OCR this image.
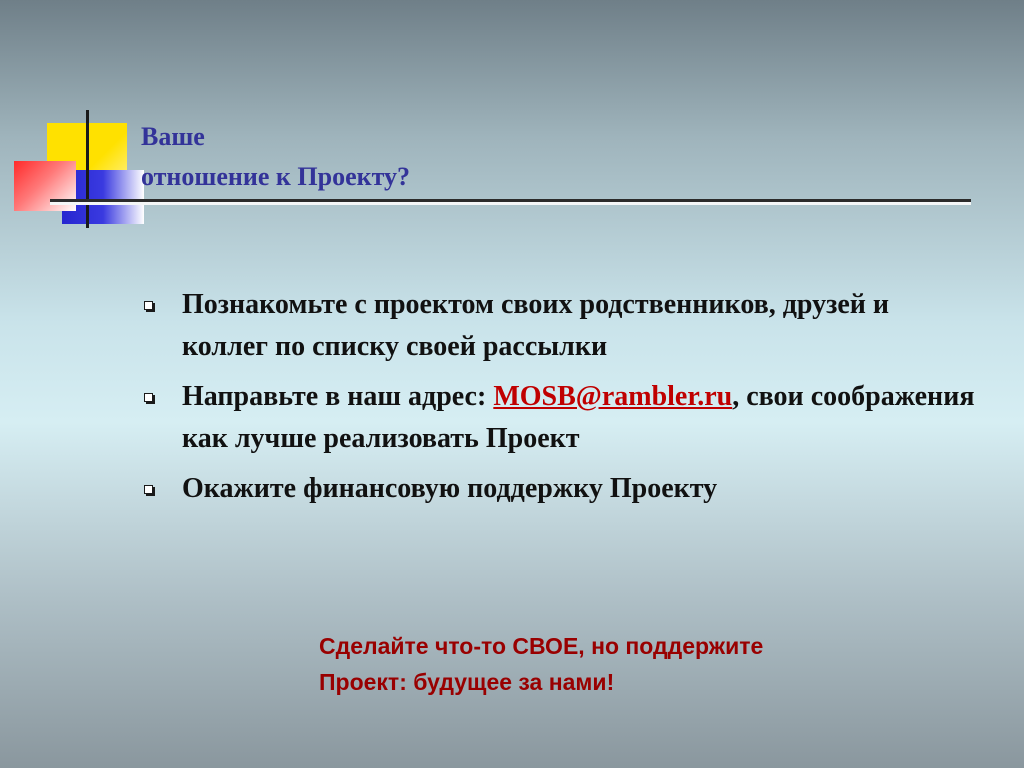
Ваше
отношение к Проекту?
Познакомьте с проектом своих родственников, друзей и коллег по списку своей рассылки
Направьте в наш адрес: MOSB@rambler.ru, свои соображения как лучше реализовать Проект
Окажите финансовую поддержку Проекту

Сделайте что-то СВОЕ, но поддержите
Проект: будущее за нами!
